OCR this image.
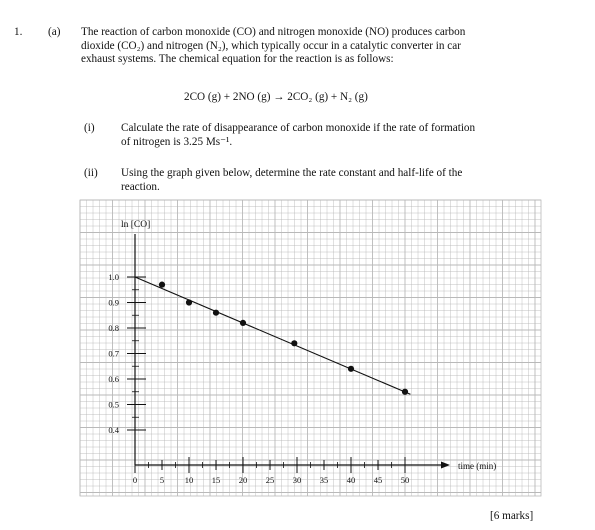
1. (a) The reaction of carbon monoxide (CO) and nitrogen monoxide (NO) produces carbon
dioxide (CO₂) and nitrogen (N₂), which typically occur in a catalytic converter in car
exhaust systems. The chemical equation for the reaction is as follows:
2CO (g) + 2NO (g) → 2CO₂ (g) + N₂ (g)
(i) Calculate the rate of disappearance of carbon monoxide if the rate of formation
of nitrogen is 3.25 Ms⁻¹.
(ii) Using the graph given below, determine the rate constant and half-life of the
reaction.
ln [CO]
time (min)
0	5 10 15 20 25 30 35 40 45 50
1.0
0.9
0.8
0.7
0.6
0.5
0.4
[6 marks]
